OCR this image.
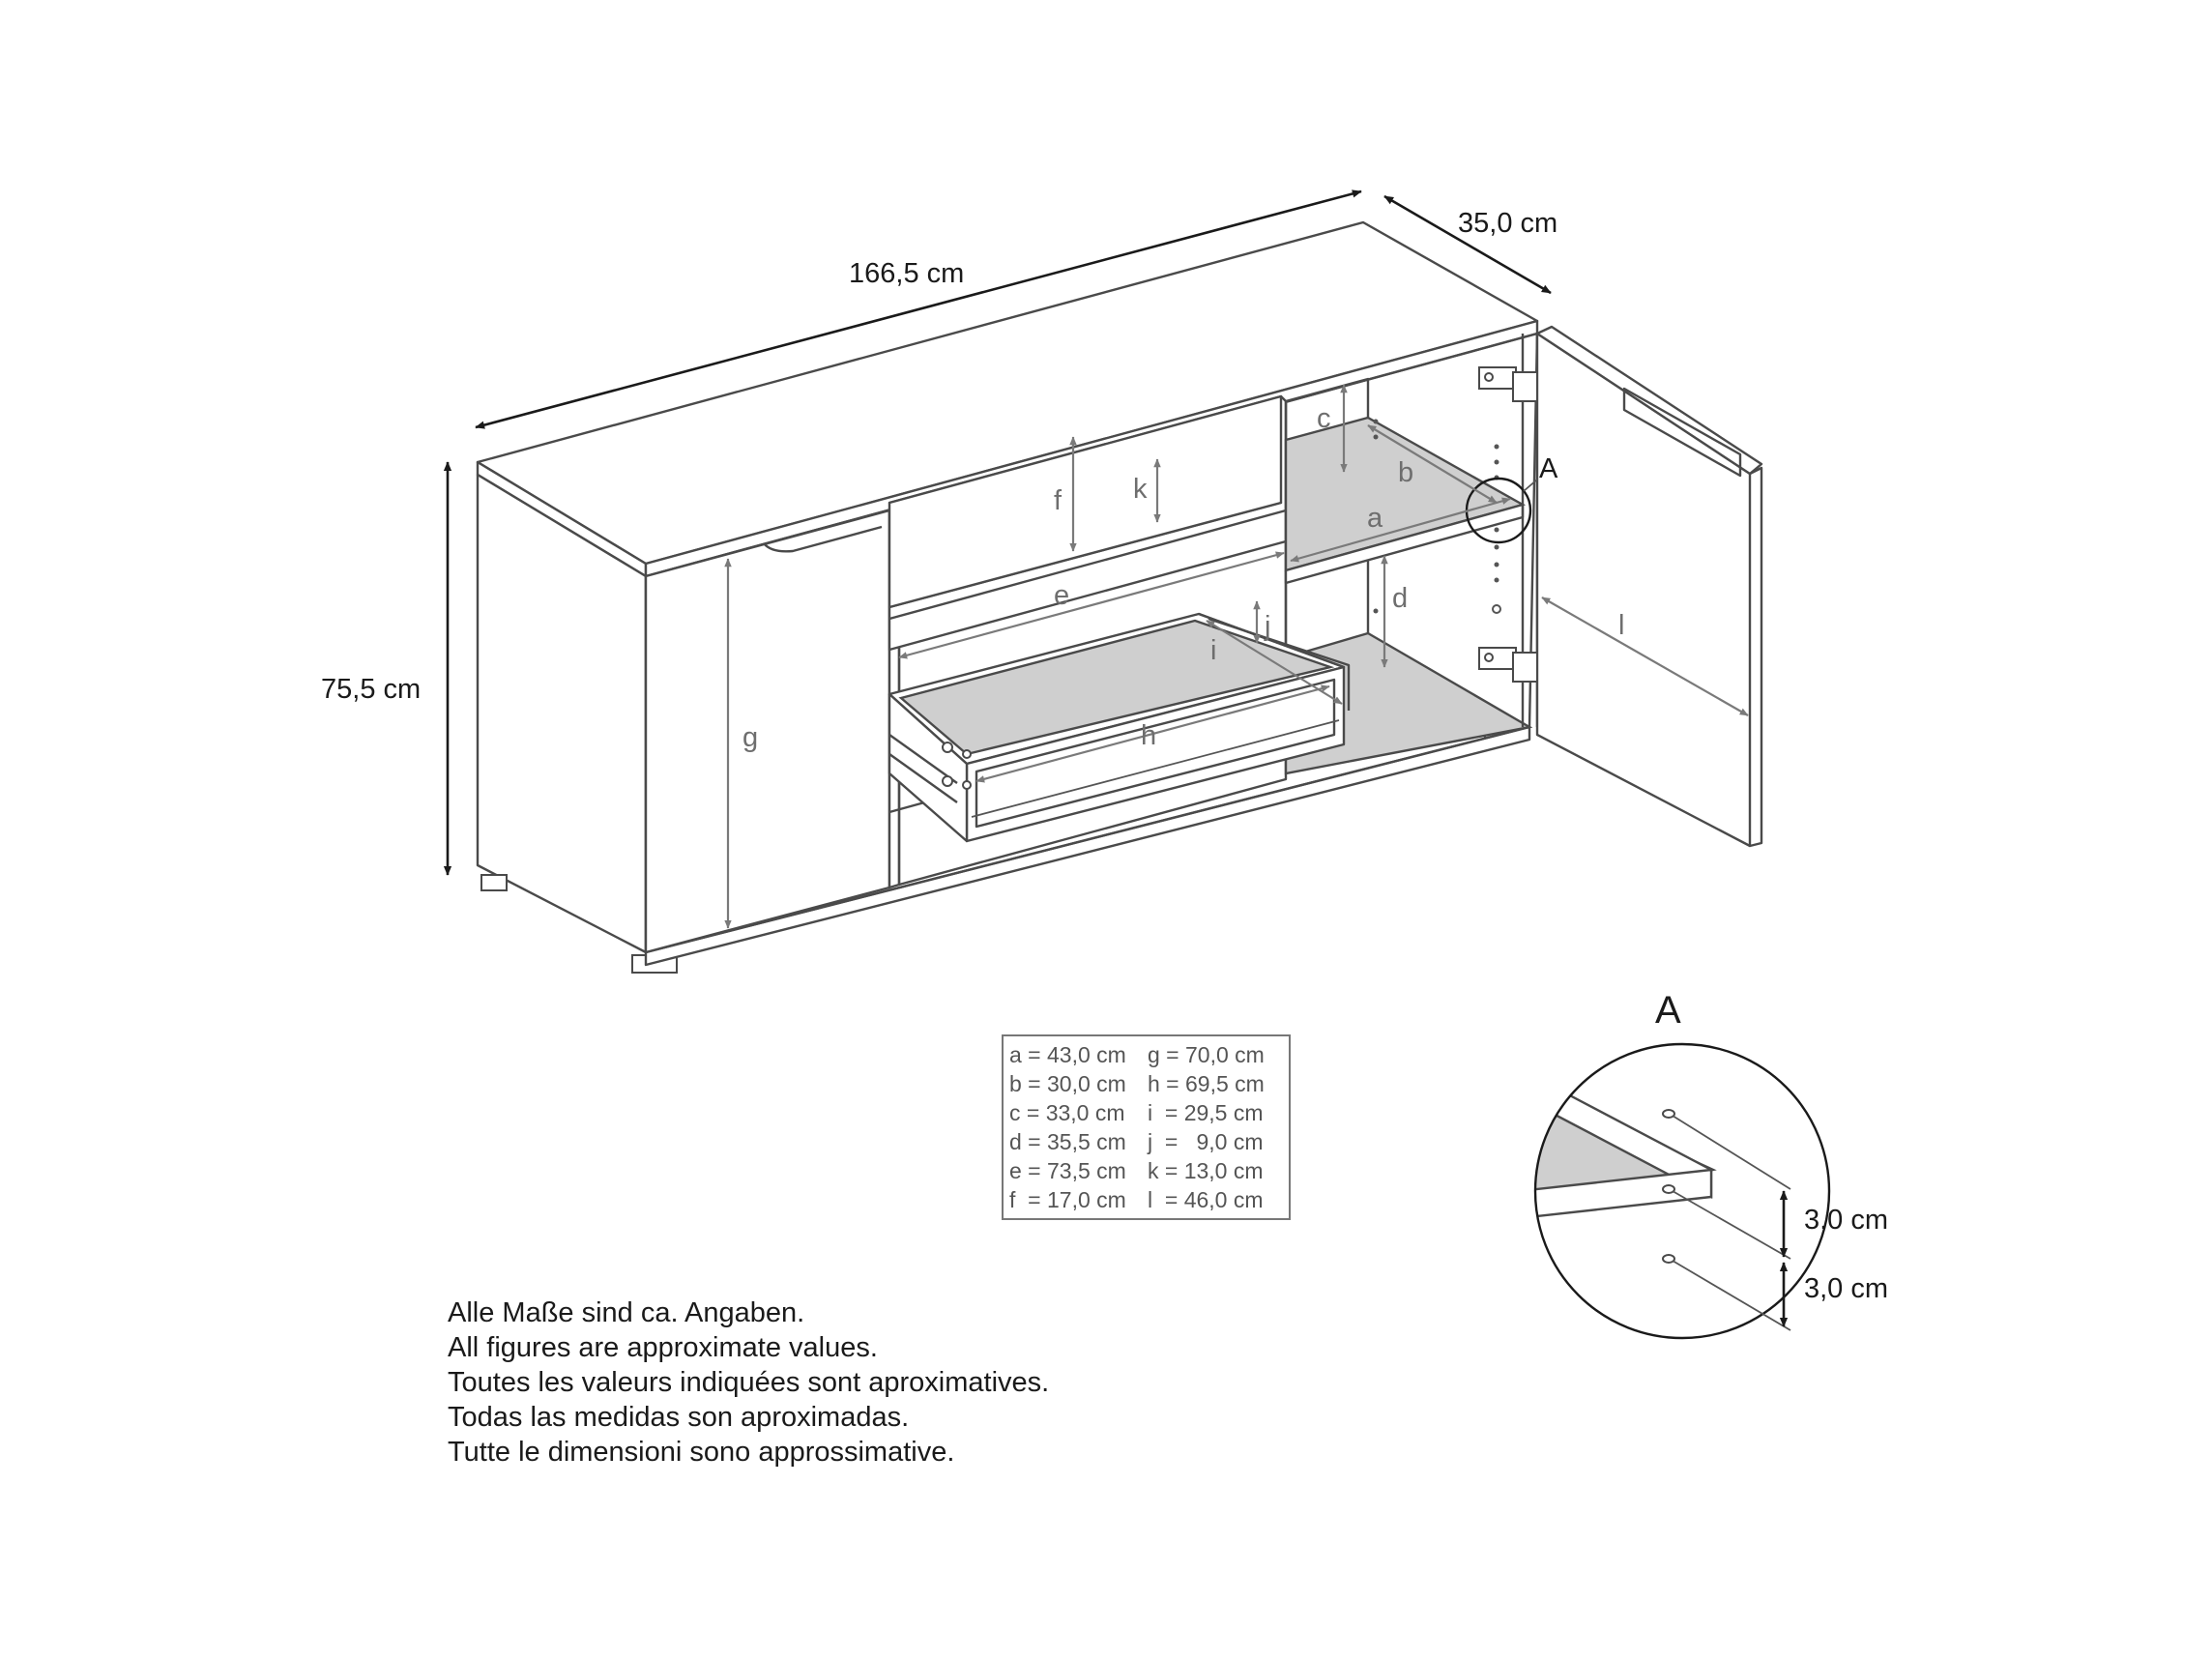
166,5 cm
35,0 cm
75,5 cm
a
b
c
d
e
f
g	h
i
j
k
l
A
A
3,0 cm
3,0 cm
a = 43,0 cm g = 70,0 cm
b = 30,0 cm h = 69,5 cm
c = 33,0 cm	i  = 29,5 cm
d = 35,5 cm j  =   9,0 cm
e = 73,5 cm k = 13,0 cm
f  = 17,0 cm l  = 46,0 cm
Alle Maße sind ca. Angaben.
All figures are approximate values.
Toutes les valeurs indiquées sont aproximatives.
Todas las medidas son aproximadas.
Tutte le dimensioni sono approssimative.
